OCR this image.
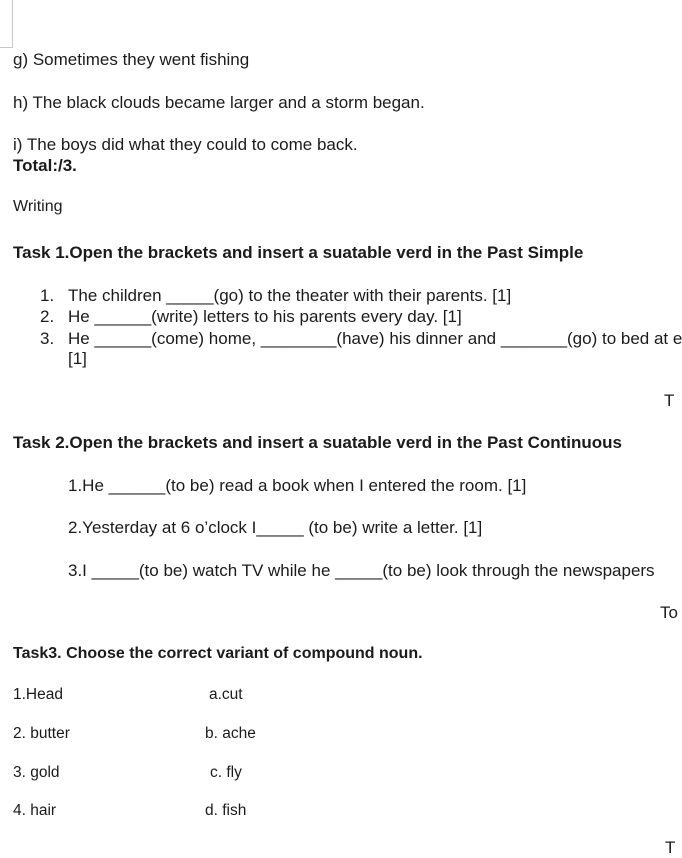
g) Sometimes they went fishing

h) The black clouds became larger and a storm began.

i) The boys did what they could to come back.

Total:/3.

Writing

Task 1.Open the brackets and insert a suatable verd in the Past Simple

1. The children _____(go) to the theater with their parents. [1]

2. He ______(write) letters to his parents every day. [1]

3. He ______(come) home, ________(have) his dinner and _______(go) to bed at e

[1]

T

Task 2.Open the brackets and insert a suatable verd in the Past Continuous

1.He ______(to be) read a book when I entered the room. [1]

2.Yesterday at 6 o’clock I_____ (to be) write a letter. [1]

3.I _____(to be) watch TV while he _____(to be) look through the newspapers

To

Task3. Choose the correct variant of compound noun.

1.Head	a.cut

2. butter	b. ache

3. gold	c. fly

4. hair	d. fish

T
